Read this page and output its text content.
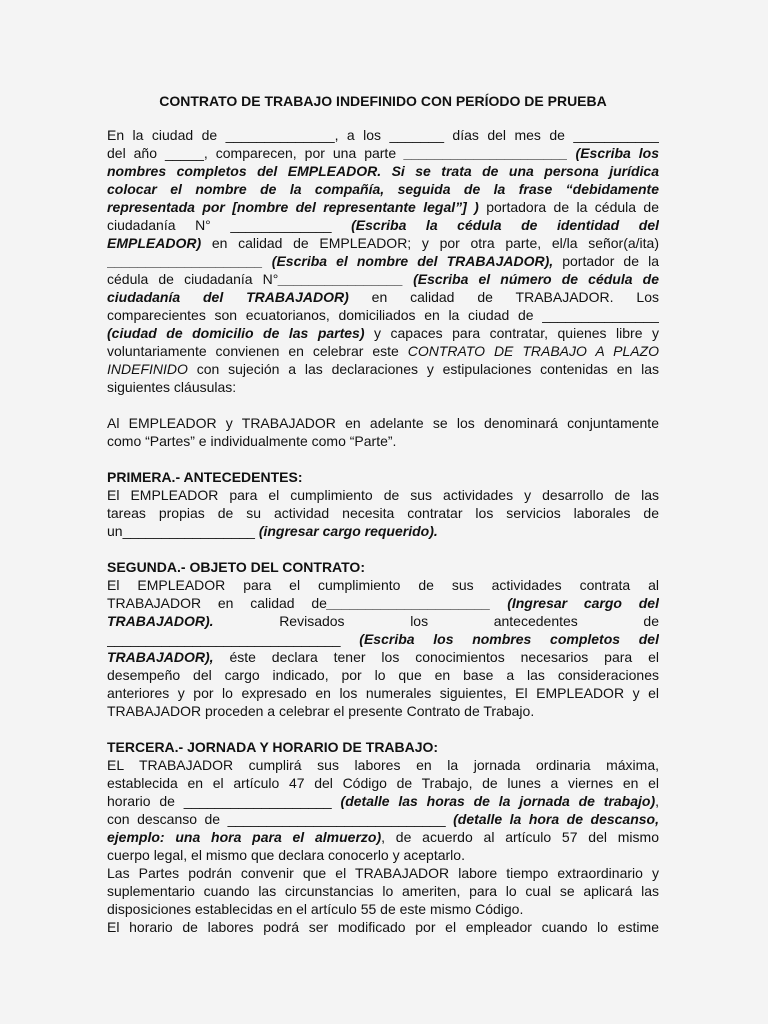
CONTRATO DE TRABAJO INDEFINIDO CON PERÍODO DE PRUEBA
En la ciudad de ______________, a los _______ días del mes de ___________
del año _____, comparecen, por una parte _____________________ (Escriba los
nombres completos del EMPLEADOR. Si se trata de una persona jurídica
colocar el nombre de la compañía, seguida de la frase “debidamente
representada por [nombre del representante legal”] ) portadora de la cédula de
ciudadanía N° _____________ (Escriba la cédula de identidad del
EMPLEADOR) en calidad de EMPLEADOR; y por otra parte, el/la señor(a/ita)
____________________ (Escriba el nombre del TRABAJADOR), portador de la
cédula de ciudadanía N°________________ (Escriba el número de cédula de
ciudadanía del TRABAJADOR) en calidad de TRABAJADOR. Los
comparecientes son ecuatorianos, domiciliados en la ciudad de _______________
(ciudad de domicilio de las partes) y capaces para contratar, quienes libre y
voluntariamente convienen en celebrar este CONTRATO DE TRABAJO A PLAZO
INDEFINIDO con sujeción a las declaraciones y estipulaciones contenidas en las
siguientes cláusulas:
Al EMPLEADOR y TRABAJADOR en adelante se los denominará conjuntamente
como “Partes” e individualmente como “Parte”.
PRIMERA.- ANTECEDENTES:
El EMPLEADOR para el cumplimiento de sus actividades y desarrollo de las
tareas propias de su actividad necesita contratar los servicios laborales de
un_________________ (ingresar cargo requerido).
SEGUNDA.- OBJETO DEL CONTRATO:
El EMPLEADOR para el cumplimiento de sus actividades contrata al
TRABAJADOR en calidad de_____________________ (Ingresar cargo del
TRABAJADOR). Revisados los antecedentes de
______________________________ (Escriba los nombres completos del
TRABAJADOR), éste declara tener los conocimientos necesarios para el
desempeño del cargo indicado, por lo que en base a las consideraciones
anteriores y por lo expresado en los numerales siguientes, El EMPLEADOR y el
TRABAJADOR proceden a celebrar el presente Contrato de Trabajo.
TERCERA.- JORNADA Y HORARIO DE TRABAJO:
EL TRABAJADOR cumplirá sus labores en la jornada ordinaria máxima,
establecida en el artículo 47 del Código de Trabajo, de lunes a viernes en el
horario de ___________________ (detalle las horas de la jornada de trabajo),
con descanso de ____________________________ (detalle la hora de descanso,
ejemplo: una hora para el almuerzo), de acuerdo al artículo 57 del mismo
cuerpo legal, el mismo que declara conocerlo y aceptarlo.
Las Partes podrán convenir que el TRABAJADOR labore tiempo extraordinario y
suplementario cuando las circunstancias lo ameriten, para lo cual se aplicará las
disposiciones establecidas en el artículo 55 de este mismo Código.
El horario de labores podrá ser modificado por el empleador cuando lo estime
